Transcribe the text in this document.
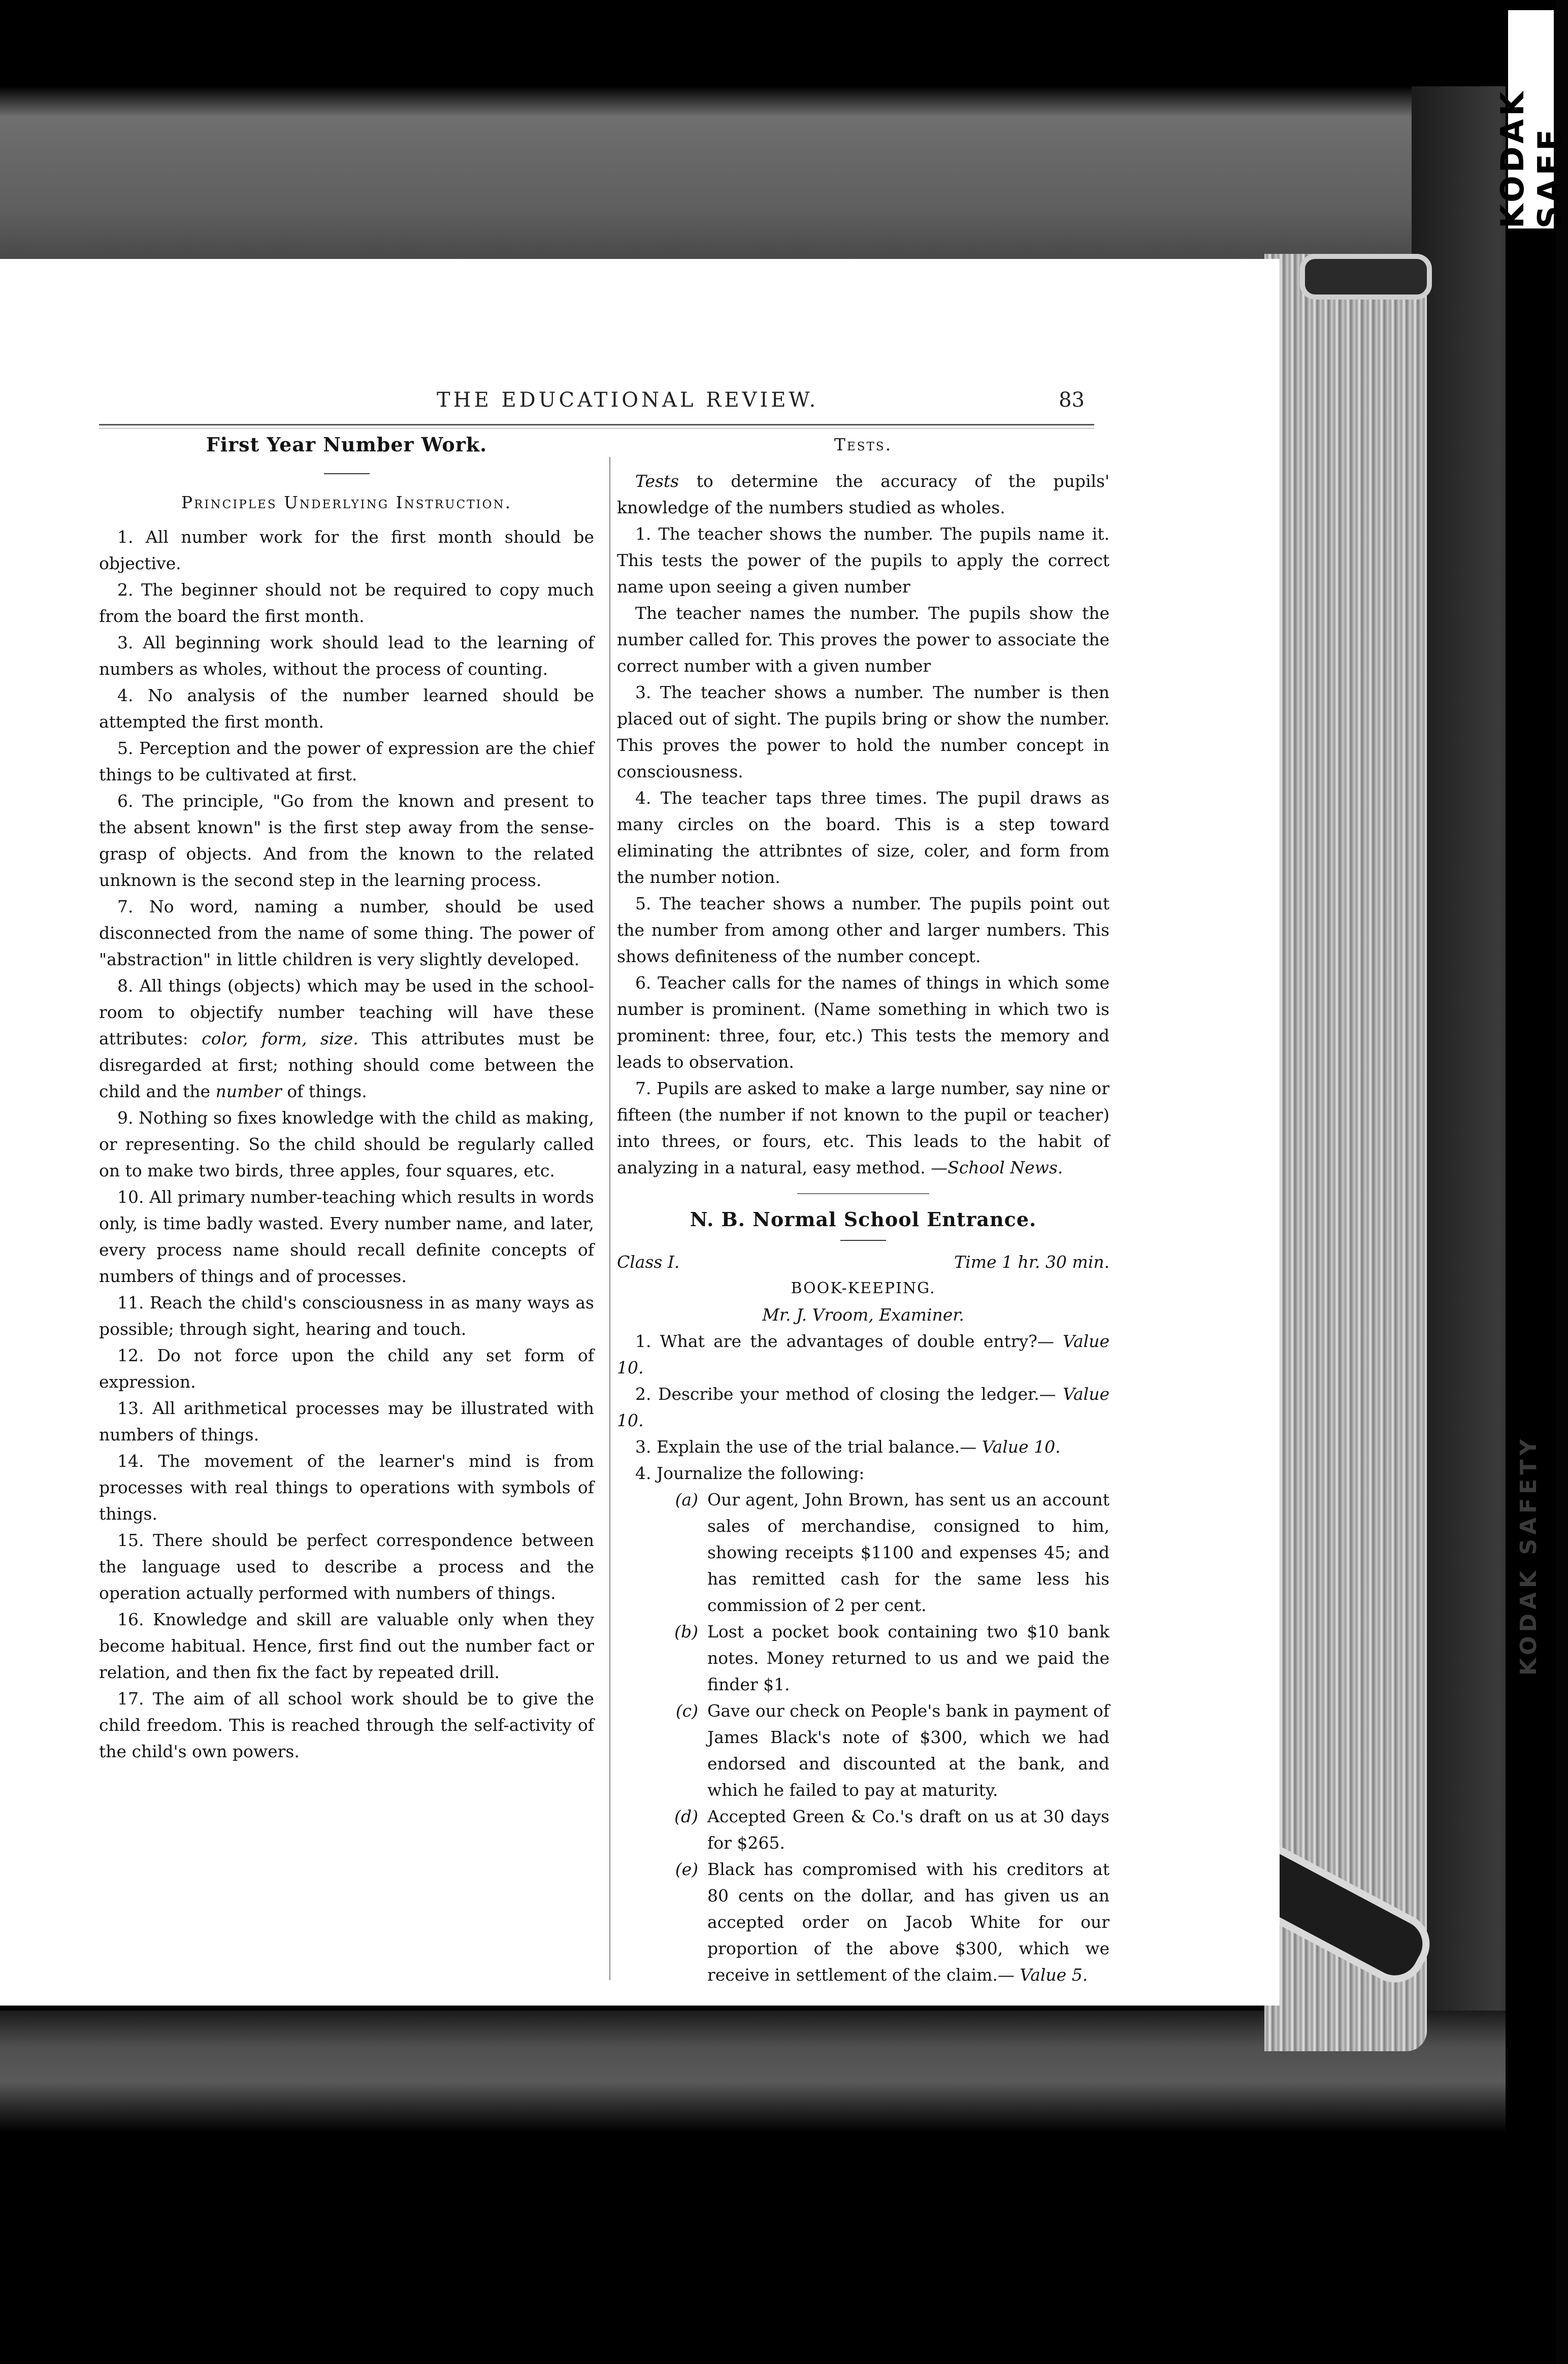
KODAK SAFE
KODAK SAFETY
THE EDUCATIONAL REVIEW.	83
First Year Number Work.
Principles Underlying Instruction.

1. All number work for the first month should be objective.

2. The beginner should not be required to copy much from the board the first month.

3. All beginning work should lead to the learning of numbers as wholes, without the process of counting.

4. No analysis of the number learned should be attempted the first month.

5. Perception and the power of expression are the chief things to be cultivated at first.

6. The principle, "Go from the known and present to the absent known" is the first step away from the sense-grasp of objects. And from the known to the related unknown is the second step in the learning process.

7. No word, naming a number, should be used disconnected from the name of some thing. The power of "abstraction" in little children is very slightly developed.

8. All things (objects) which may be used in the school-room to objectify number teaching will have these attributes: color, form, size. This attributes must be disregarded at first; nothing should come between the child and the number of things.

9. Nothing so fixes knowledge with the child as making, or representing. So the child should be regularly called on to make two birds, three apples, four squares, etc.

10. All primary number-teaching which results in words only, is time badly wasted. Every number name, and later, every process name should recall definite concepts of numbers of things and of processes.

11. Reach the child's consciousness in as many ways as possible; through sight, hearing and touch.

12. Do not force upon the child any set form of expression.

13. All arithmetical processes may be illustrated with numbers of things.

14. The movement of the learner's mind is from processes with real things to operations with symbols of things.

15. There should be perfect correspondence between the language used to describe a process and the operation actually performed with numbers of things.

16. Knowledge and skill are valuable only when they become habitual. Hence, first find out the number fact or relation, and then fix the fact by repeated drill.

17. The aim of all school work should be to give the child freedom. This is reached through the self-activity of the child's own powers.

Tests.

Tests to determine the accuracy of the pupils' knowledge of the numbers studied as wholes.

1. The teacher shows the number. The pupils name it. This tests the power of the pupils to apply the correct name upon seeing a given number

The teacher names the number. The pupils show the number called for. This proves the power to associate the correct number with a given number

3. The teacher shows a number. The number is then placed out of sight. The pupils bring or show the number. This proves the power to hold the number concept in consciousness.

4. The teacher taps three times. The pupil draws as many circles on the board. This is a step toward eliminating the attribntes of size, coler, and form from the number notion.

5. The teacher shows a number. The pupils point out the number from among other and larger numbers. This shows definiteness of the number concept.

6. Teacher calls for the names of things in which some number is prominent. (Name something in which two is prominent: three, four, etc.) This tests the memory and leads to observation.

7. Pupils are asked to make a large number, say nine or fifteen (the number if not known to the pupil or teacher) into threes, or fours, etc. This leads to the habit of analyzing in a natural, easy method. —School News.

N. B. Normal School Entrance.
Class I.	Time 1 hr. 30 min.
BOOK-KEEPING.
Mr. J. Vroom, Examiner.

1. What are the advantages of double entry?— Value 10.

2. Describe your method of closing the ledger.— Value 10.

3. Explain the use of the trial balance.— Value 10.

4. Journalize the following:

(a) Our agent, John Brown, has sent us an account sales of merchandise, consigned to him, showing receipts $1100 and expenses 45; and has remitted cash for the same less his commission of 2 per cent.
(b) Lost a pocket book containing two $10 bank notes. Money returned to us and we paid the finder $1.
(c) Gave our check on People's bank in payment of James Black's note of $300, which we had endorsed and discounted at the bank, and which he failed to pay at maturity.
(d) Accepted Green & Co.'s draft on us at 30 days for $265.
(e) Black has compromised with his creditors at 80 cents on the dollar, and has given us an accepted order on Jacob White for our proportion of the above $300, which we receive in settlement of the claim.— Value 5.
